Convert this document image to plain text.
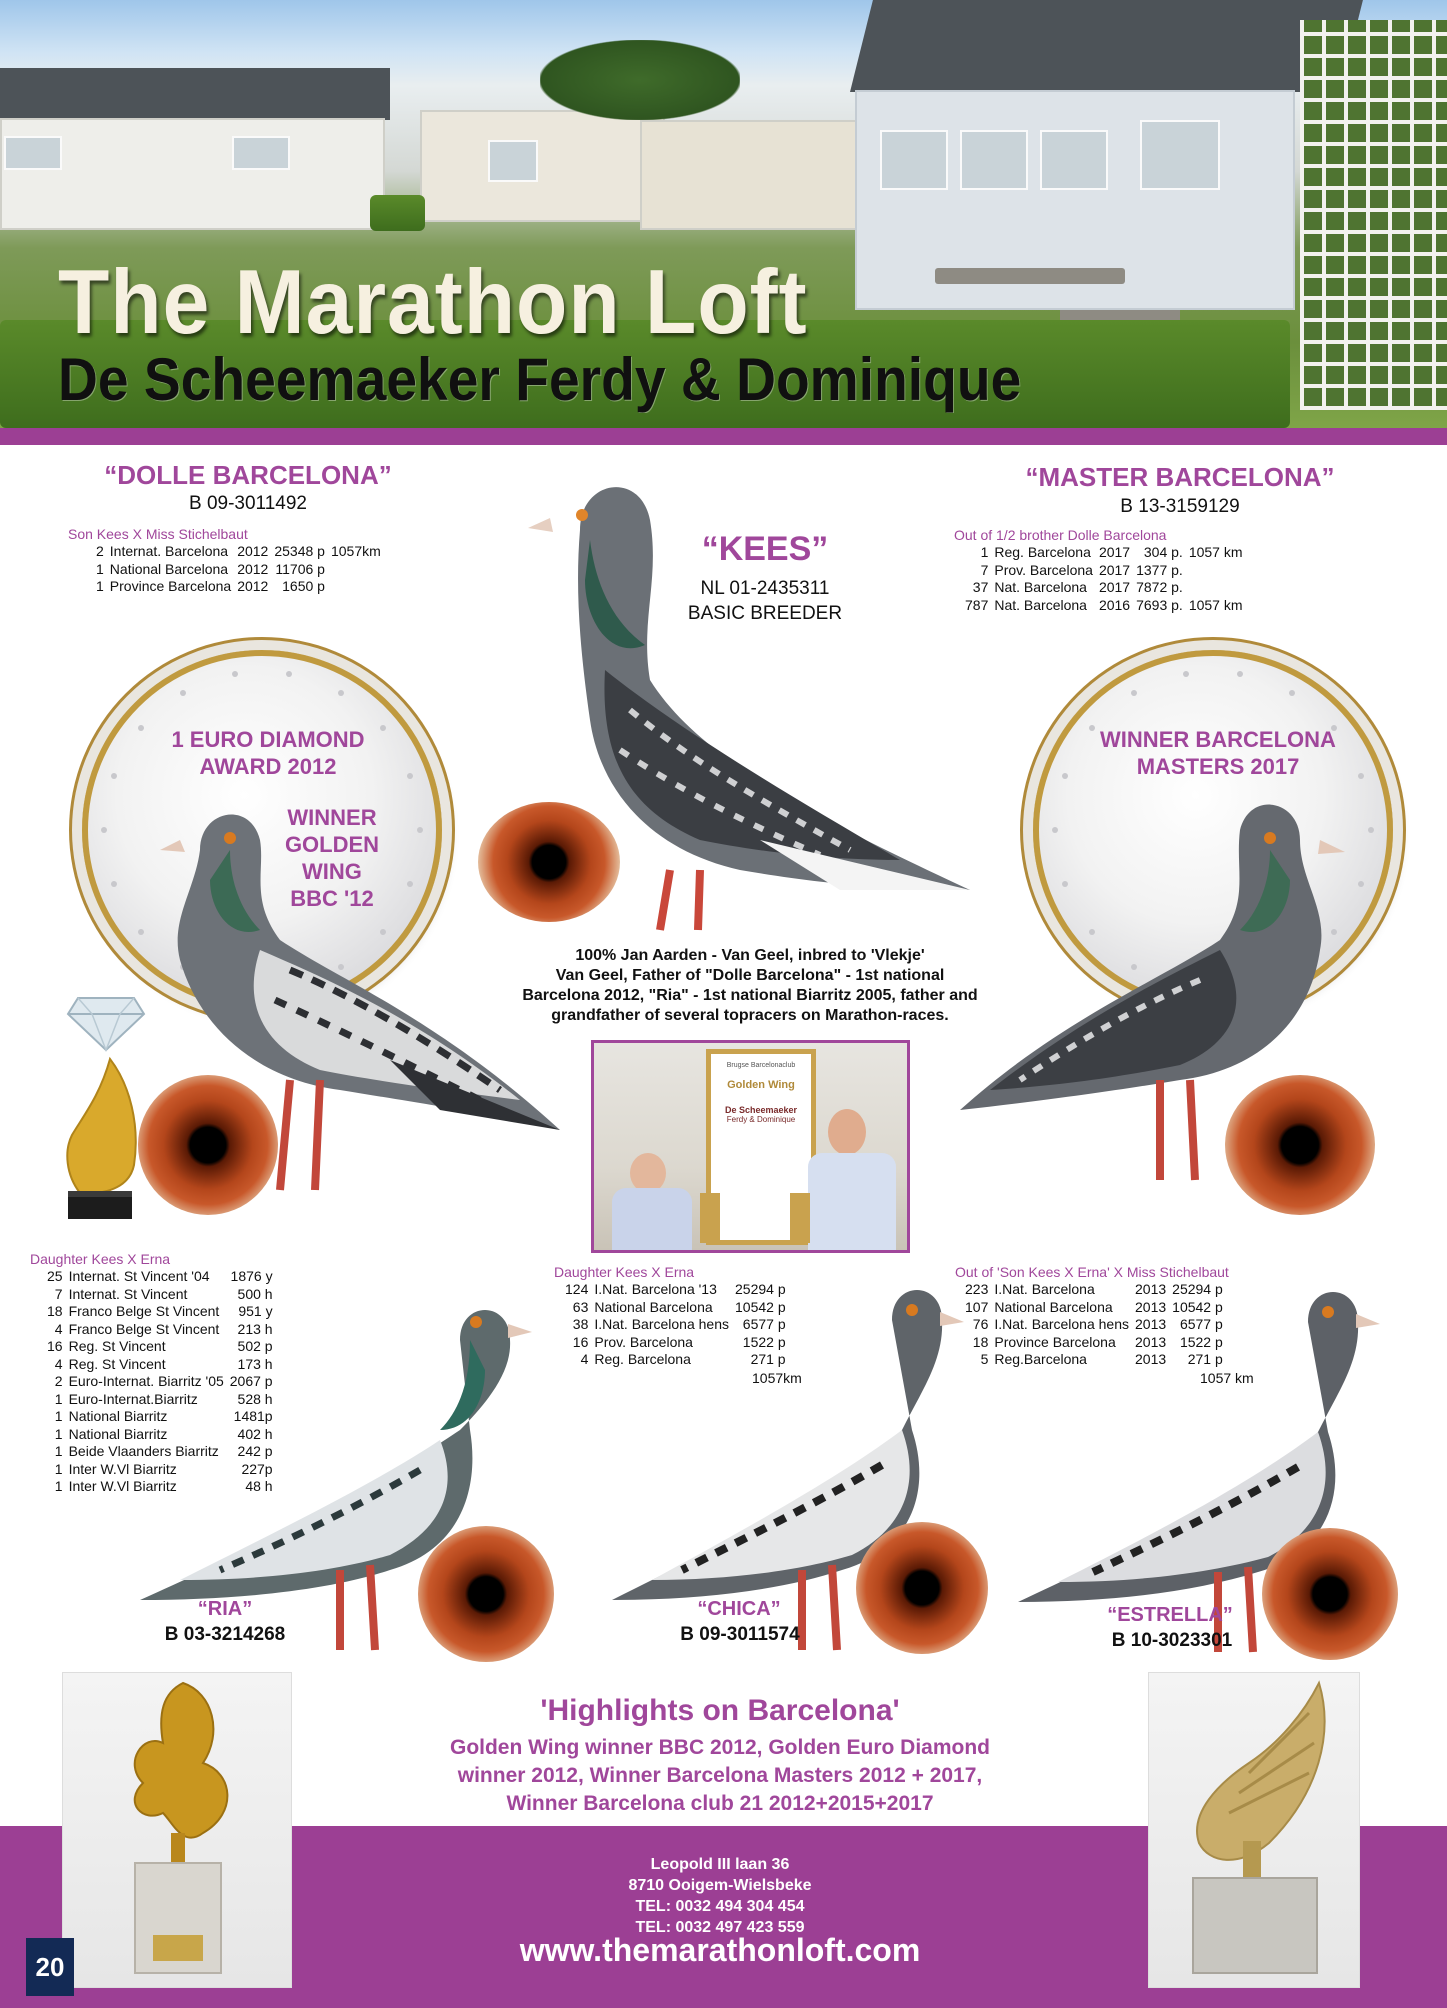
The Marathon Loft
De Scheemaeker Ferdy & Dominique
“DOLLE BARCELONA”
B 09-3011492
Son Kees X Miss Stichelbaut
2	Internat. Barcelona	2012	25348 p	1057km
1	National Barcelona	2012	11706 p	
1	Province Barcelona	2012	1650 p	
1 EURO DIAMOND
AWARD 2012
WINNER
GOLDEN
WING
BBC '12
“KEES”
NL 01-2435311
BASIC BREEDER
100% Jan Aarden - Van Geel, inbred to 'Vlekje'
Van Geel, Father of "Dolle Barcelona" - 1st national
Barcelona 2012, "Ria" - 1st national Biarritz 2005, father and
grandfather of several topracers on Marathon-races.
Brugse Barcelonaclub
Golden Wing
De Scheemaeker
Ferdy & Dominique
“MASTER BARCELONA”
B 13-3159129
Out of 1/2 brother Dolle Barcelona
1	Reg. Barcelona	2017	304 p.	1057 km
7	Prov. Barcelona	2017	1377 p.	
37	Nat. Barcelona	2017	7872 p.	
787	Nat. Barcelona	2016	7693 p.	1057 km
WINNER BARCELONA
MASTERS 2017
Daughter Kees X Erna
25	Internat. St Vincent '04	1876 y
7	Internat. St Vincent	500 h
18	Franco Belge St Vincent	951 y
4	Franco Belge St Vincent	213 h
16	Reg. St Vincent	502 p
4	Reg. St Vincent	173 h
2	Euro-Internat. Biarritz '05	2067 p
1	Euro-Internat.Biarritz	528 h
1	National Biarritz	1481p
1	National Biarritz	402 h
1	Beide Vlaanders Biarritz	242 p
1	Inter W.Vl Biarritz	227p
1	Inter W.Vl Biarritz	48 h
“RIA”
B 03-3214268
Daughter Kees X Erna
124	I.Nat. Barcelona '13	25294 p
63	National Barcelona	10542 p
38	I.Nat. Barcelona hens	6577 p
16	Prov. Barcelona	1522 p
4	Reg. Barcelona	271 p
1057km
“CHICA”
B 09-3011574
Out of 'Son Kees X Erna' X Miss Stichelbaut
223	I.Nat. Barcelona	2013	25294 p
107	National Barcelona	2013	10542 p
76	I.Nat. Barcelona hens	2013	6577 p
18	Province Barcelona	2013	1522 p
5	Reg.Barcelona	2013	271 p
1057 km
“ESTRELLA”
B 10-3023301
'Highlights on Barcelona'
Golden Wing winner BBC 2012, Golden Euro Diamond
winner 2012, Winner Barcelona Masters 2012 + 2017,
Winner Barcelona club 21 2012+2015+2017
Leopold III laan 36
8710 Ooigem-Wielsbeke
TEL: 0032 494 304 454
TEL: 0032 497 423 559
www.themarathonloft.com
20
